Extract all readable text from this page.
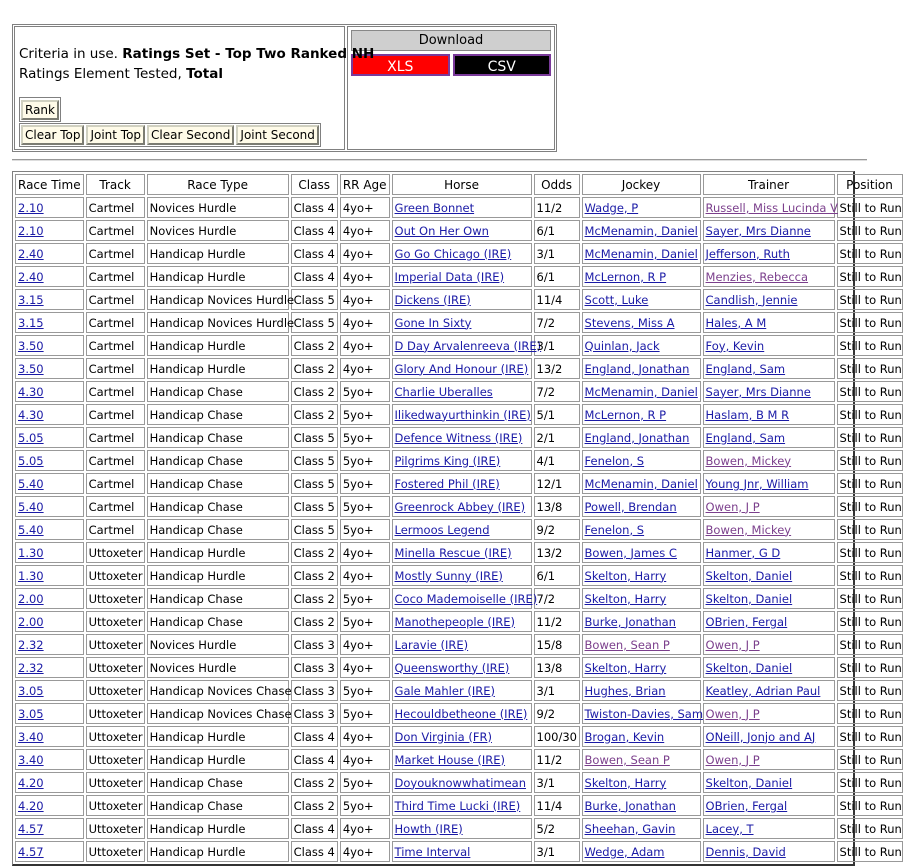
Criteria in use. Ratings Set - Top Two Ranked NH
Ratings Element Tested, Total
Rank
Clear Top Joint Top Clear Second Joint Second
Download
XLS	CSV
Race Time	Track	Race Type	Class	RR Age	Horse	Odds	Jockey	Trainer	Position
2.10	Cartmel	Novices Hurdle	Class 4	4yo+	Green Bonnet	11/2	Wadge, P	Russell, Miss Lucinda V	Still to Run
2.10	Cartmel	Novices Hurdle	Class 4	4yo+	Out On Her Own	6/1	McMenamin, Daniel	Sayer, Mrs Dianne	Still to Run
2.40	Cartmel	Handicap Hurdle	Class 4	4yo+	Go Go Chicago (IRE)	3/1	McMenamin, Daniel	Jefferson, Ruth	Still to Run
2.40	Cartmel	Handicap Hurdle	Class 4	4yo+	Imperial Data (IRE)	6/1	McLernon, R P	Menzies, Rebecca	Still to Run
3.15	Cartmel	Handicap Novices Hurdle	Class 5	4yo+	Dickens (IRE)	11/4	Scott, Luke	Candlish, Jennie	Still to Run
3.15	Cartmel	Handicap Novices Hurdle	Class 5	4yo+	Gone In Sixty	7/2	Stevens, Miss A	Hales, A M	Still to Run
3.50	Cartmel	Handicap Hurdle	Class 2	4yo+	D Day Arvalenreeva (IRE)	3/1	Quinlan, Jack	Foy, Kevin	Still to Run
3.50	Cartmel	Handicap Hurdle	Class 2	4yo+	Glory And Honour (IRE)	13/2	England, Jonathan	England, Sam	Still to Run
4.30	Cartmel	Handicap Chase	Class 2	5yo+	Charlie Uberalles	7/2	McMenamin, Daniel	Sayer, Mrs Dianne	Still to Run
4.30	Cartmel	Handicap Chase	Class 2	5yo+	Ilikedwayurthinkin (IRE)	5/1	McLernon, R P	Haslam, B M R	Still to Run
5.05	Cartmel	Handicap Chase	Class 5	5yo+	Defence Witness (IRE)	2/1	England, Jonathan	England, Sam	Still to Run
5.05	Cartmel	Handicap Chase	Class 5	5yo+	Pilgrims King (IRE)	4/1	Fenelon, S	Bowen, Mickey	Still to Run
5.40	Cartmel	Handicap Chase	Class 5	5yo+	Fostered Phil (IRE)	12/1	McMenamin, Daniel	Young Jnr, William	Still to Run
5.40	Cartmel	Handicap Chase	Class 5	5yo+	Greenrock Abbey (IRE)	13/8	Powell, Brendan	Owen, J P	Still to Run
5.40	Cartmel	Handicap Chase	Class 5	5yo+	Lermoos Legend	9/2	Fenelon, S	Bowen, Mickey	Still to Run
1.30	Uttoxeter	Handicap Hurdle	Class 2	4yo+	Minella Rescue (IRE)	13/2	Bowen, James C	Hanmer, G D	Still to Run
1.30	Uttoxeter	Handicap Hurdle	Class 2	4yo+	Mostly Sunny (IRE)	6/1	Skelton, Harry	Skelton, Daniel	Still to Run
2.00	Uttoxeter	Handicap Chase	Class 2	5yo+	Coco Mademoiselle (IRE)	7/2	Skelton, Harry	Skelton, Daniel	Still to Run
2.00	Uttoxeter	Handicap Chase	Class 2	5yo+	Manothepeople (IRE)	11/2	Burke, Jonathan	OBrien, Fergal	Still to Run
2.32	Uttoxeter	Novices Hurdle	Class 3	4yo+	Laravie (IRE)	15/8	Bowen, Sean P	Owen, J P	Still to Run
2.32	Uttoxeter	Novices Hurdle	Class 3	4yo+	Queensworthy (IRE)	13/8	Skelton, Harry	Skelton, Daniel	Still to Run
3.05	Uttoxeter	Handicap Novices Chase	Class 3	5yo+	Gale Mahler (IRE)	3/1	Hughes, Brian	Keatley, Adrian Paul	Still to Run
3.05	Uttoxeter	Handicap Novices Chase	Class 3	5yo+	Hecouldbetheone (IRE)	9/2	Twiston-Davies, Sam	Owen, J P	Still to Run
3.40	Uttoxeter	Handicap Hurdle	Class 4	4yo+	Don Virginia (FR)	100/30	Brogan, Kevin	ONeill, Jonjo and AJ	Still to Run
3.40	Uttoxeter	Handicap Hurdle	Class 4	4yo+	Market House (IRE)	11/2	Bowen, Sean P	Owen, J P	Still to Run
4.20	Uttoxeter	Handicap Chase	Class 2	5yo+	Doyouknowwhatimean	3/1	Skelton, Harry	Skelton, Daniel	Still to Run
4.20	Uttoxeter	Handicap Chase	Class 2	5yo+	Third Time Lucki (IRE)	11/4	Burke, Jonathan	OBrien, Fergal	Still to Run
4.57	Uttoxeter	Handicap Hurdle	Class 4	4yo+	Howth (IRE)	5/2	Sheehan, Gavin	Lacey, T	Still to Run
4.57	Uttoxeter	Handicap Hurdle	Class 4	4yo+	Time Interval	3/1	Wedge, Adam	Dennis, David	Still to Run
